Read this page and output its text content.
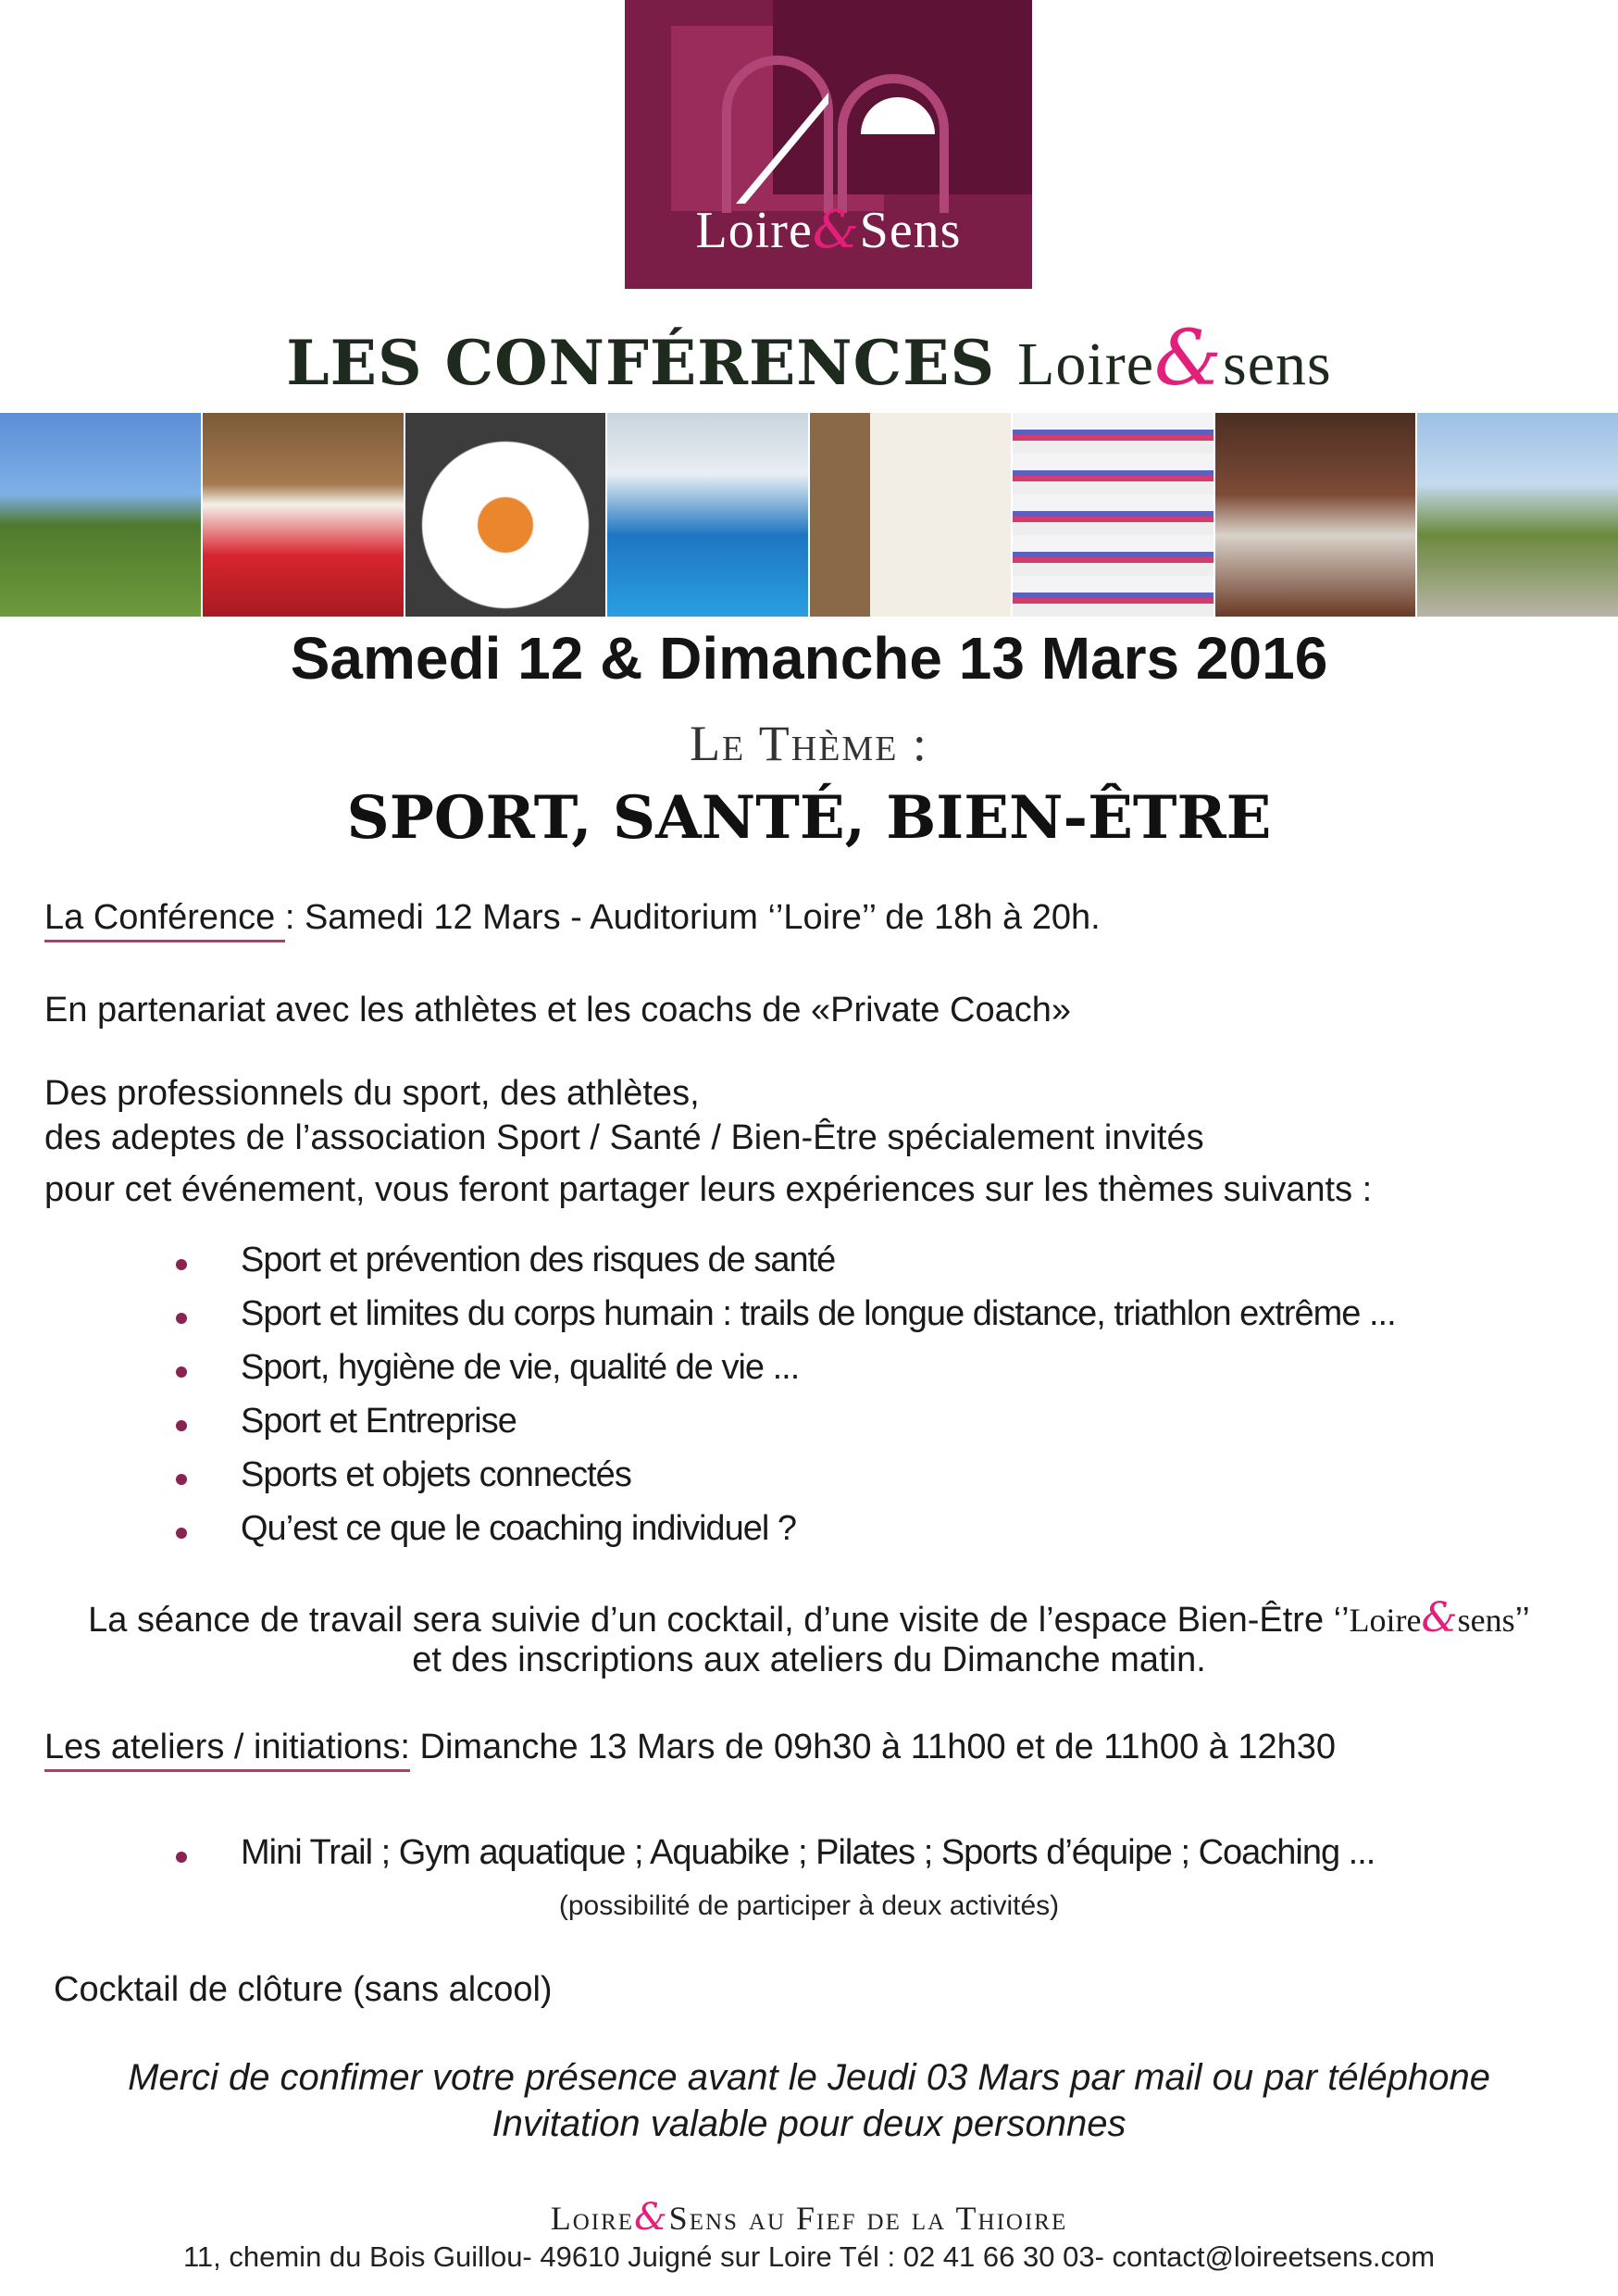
Loire&Sens
LES CONFÉRENCES Loire&sens
Samedi 12 & Dimanche 13 Mars 2016
Le Thème :
SPORT, SANTÉ, BIEN-ÊTRE
La Conférence : Samedi 12 Mars - Auditorium ‘’Loire’’ de 18h à 20h.
En partenariat avec les athlètes et les coachs de «Private Coach»
Des professionnels du sport, des athlètes,
des adeptes de l’association Sport / Santé / Bien-Être spécialement invités
pour cet événement, vous feront partager leurs expériences sur les thèmes suivants :
Sport et prévention des risques de santé
Sport et limites du corps humain : trails de longue distance, triathlon extrême ...
Sport, hygiène de vie, qualité de vie ...
Sport et Entreprise
Sports et objets connectés
Qu’est ce que le coaching individuel ?
La séance de travail sera suivie d’un cocktail, d’une visite de l’espace Bien-Être ‘’Loire&sens’’
et des inscriptions aux ateliers du Dimanche matin.
Les ateliers / initiations: Dimanche 13 Mars de 09h30 à 11h00 et de 11h00 à 12h30
Mini Trail ; Gym aquatique ; Aquabike ; Pilates ; Sports d’équipe ; Coaching ...
(possibilité de participer à deux activités)
Cocktail de clôture (sans alcool)
Merci de confimer votre présence avant le Jeudi 03 Mars par mail ou par téléphone
Invitation valable pour deux personnes
Loire&Sens au Fief de la Thioire
11, chemin du Bois Guillou- 49610 Juigné sur Loire Tél : 02 41 66 30 03- contact@loireetsens.com
